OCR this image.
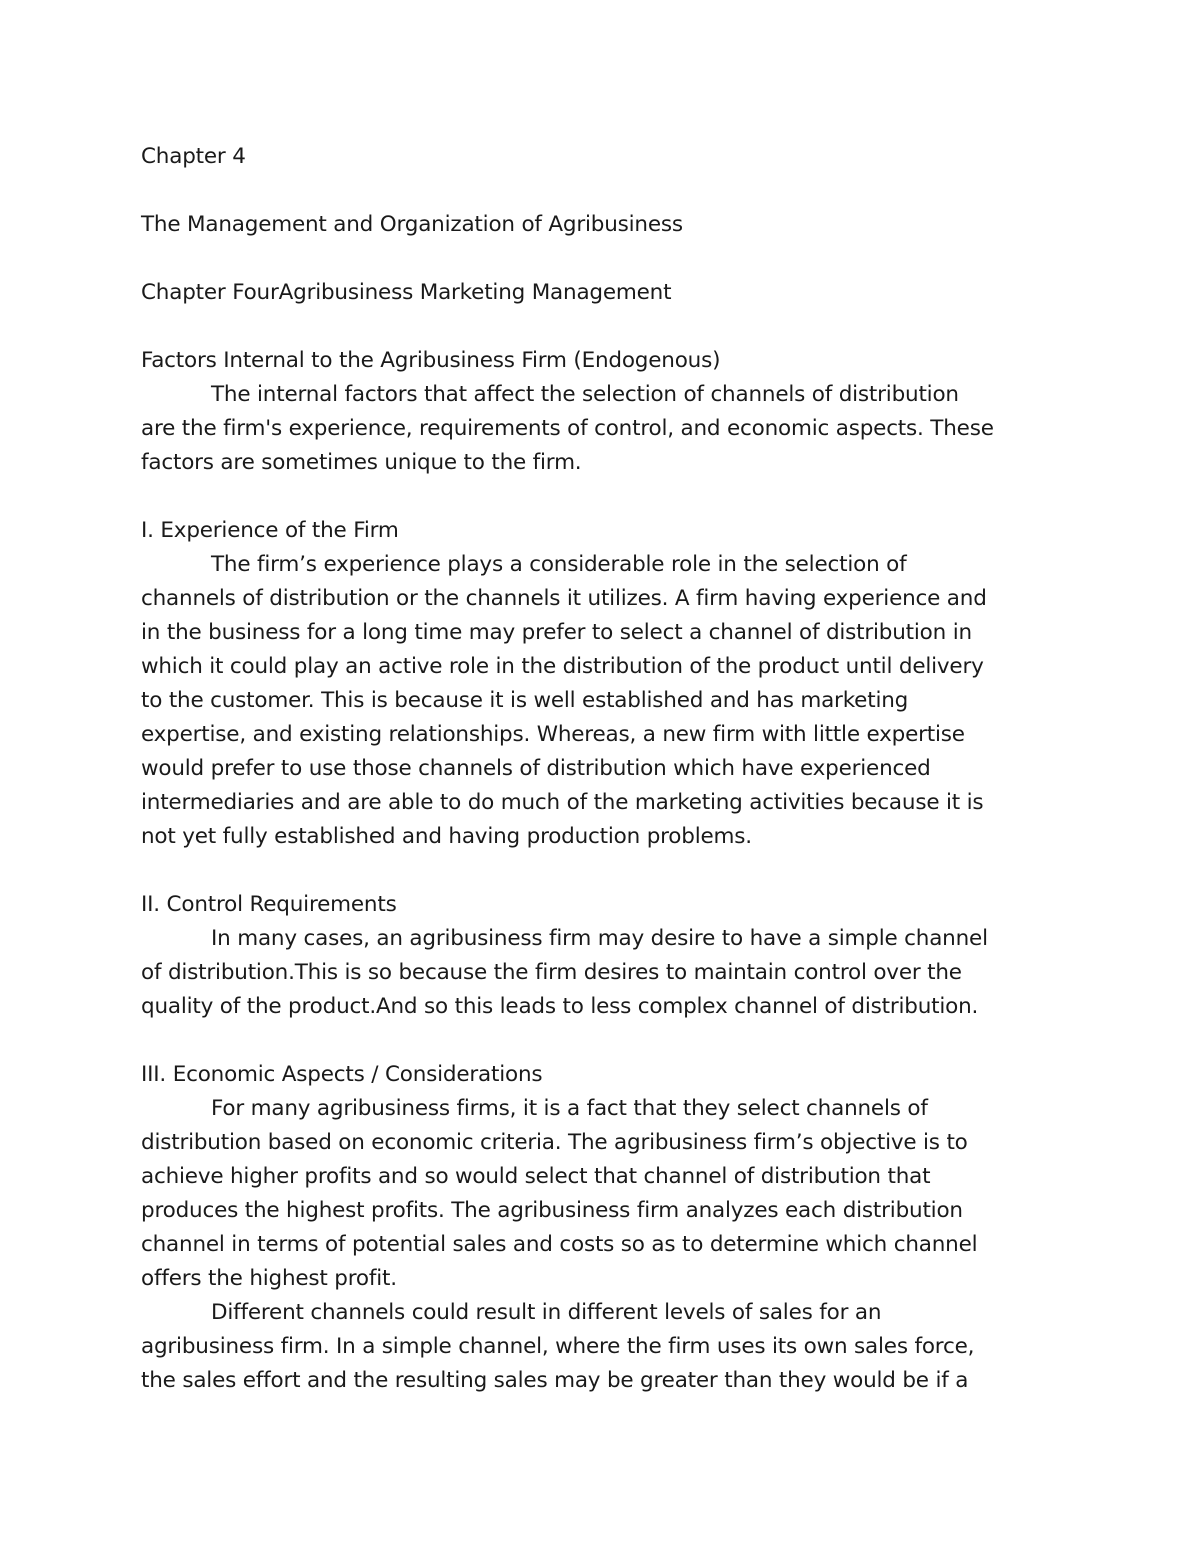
Chapter 4
The Management and Organization of Agribusiness
Chapter FourAgribusiness Marketing Management
Factors Internal to the Agribusiness Firm (Endogenous)
The internal factors that affect the selection of channels of distribution
are the firm's experience, requirements of control, and economic aspects. These
factors are sometimes unique to the firm.
I. Experience of the Firm
The firm’s experience plays a considerable role in the selection of
channels of distribution or the channels it utilizes. A firm having experience and
in the business for a long time may prefer to select a channel of distribution in
which it could play an active role in the distribution of the product until delivery
to the customer. This is because it is well established and has marketing
expertise, and existing relationships. Whereas, a new firm with little expertise
would prefer to use those channels of distribution which have experienced
intermediaries and are able to do much of the marketing activities because it is
not yet fully established and having production problems.
II. Control Requirements
In many cases, an agribusiness firm may desire to have a simple channel
of distribution.This is so because the firm desires to maintain control over the
quality of the product.And so this leads to less complex channel of distribution.
III. Economic Aspects / Considerations
For many agribusiness firms, it is a fact that they select channels of
distribution based on economic criteria. The agribusiness firm’s objective is to
achieve higher profits and so would select that channel of distribution that
produces the highest profits. The agribusiness firm analyzes each distribution
channel in terms of potential sales and costs so as to determine which channel
offers the highest profit.
Different channels could result in different levels of sales for an
agribusiness firm. In a simple channel, where the firm uses its own sales force,
the sales effort and the resulting sales may be greater than they would be if a
